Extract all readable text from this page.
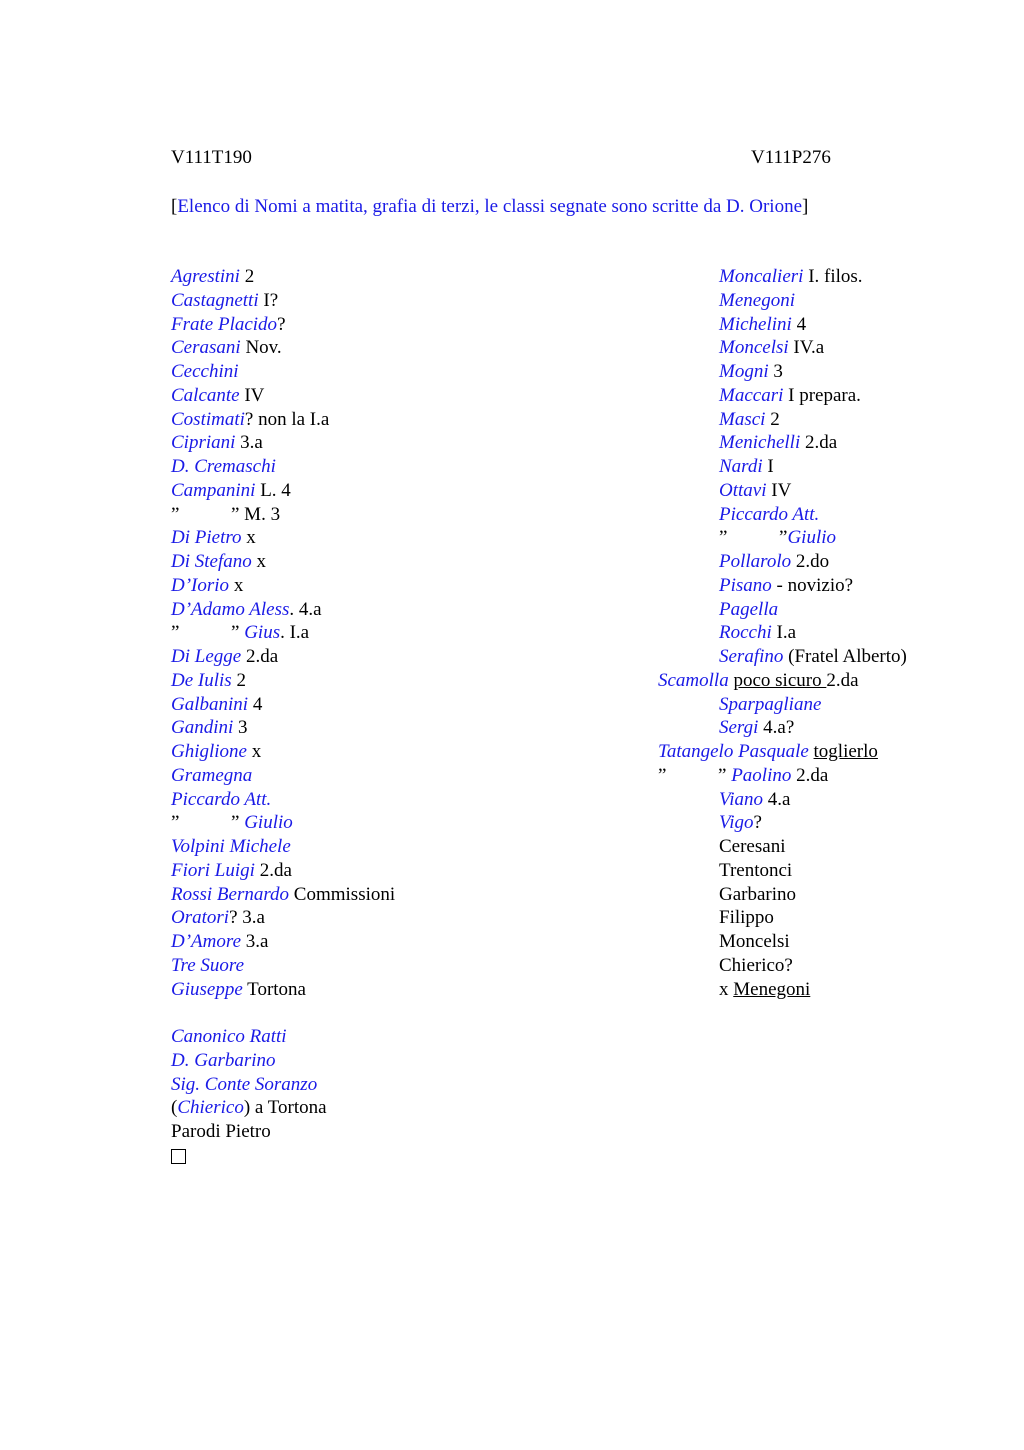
V111T190	V111P276
[Elenco di Nomi a matita, grafia di terzi, le classi segnate sono scritte da D. Orione]
Agrestini 2
Castagnetti I?
Frate Placido?
Cerasani Nov.
Cecchini
Calcante IV
Costimati? non la I.a
Cipriani 3.a
D. Cremaschi
Campanini L. 4
”	” M. 3
Di Pietro x
Di Stefano x
D’Iorio x
D’Adamo Aless. 4.a
”	” Gius. I.a
Di Legge 2.da
De Iulis 2
Galbanini 4
Gandini 3
Ghiglione x
Gramegna
Piccardo Att.
”	” Giulio
Volpini Michele
Fiori Luigi 2.da
Rossi Bernardo Commissioni
Oratori? 3.a
D’Amore 3.a
Tre Suore
Giuseppe Tortona
Canonico Ratti
D. Garbarino
Sig. Conte Soranzo
(Chierico) a Tortona
Parodi Pietro
Moncalieri I. filos.
Menegoni
Michelini 4
Moncelsi IV.a
Mogni 3
Maccari I prepara.
Masci 2
Menichelli 2.da
Nardi I
Ottavi IV
Piccardo Att.
”	”Giulio
Pollarolo 2.do
Pisano - novizio?
Pagella
Rocchi I.a
Serafino (Fratel Alberto)
Scamolla poco sicuro 2.da
Sparpagliane
Sergi 4.a?
Tatangelo Pasquale toglierlo
”	” Paolino 2.da
Viano 4.a
Vigo?
Ceresani
Trentonci
Garbarino
Filippo
Moncelsi
Chierico?
x Menegoni
